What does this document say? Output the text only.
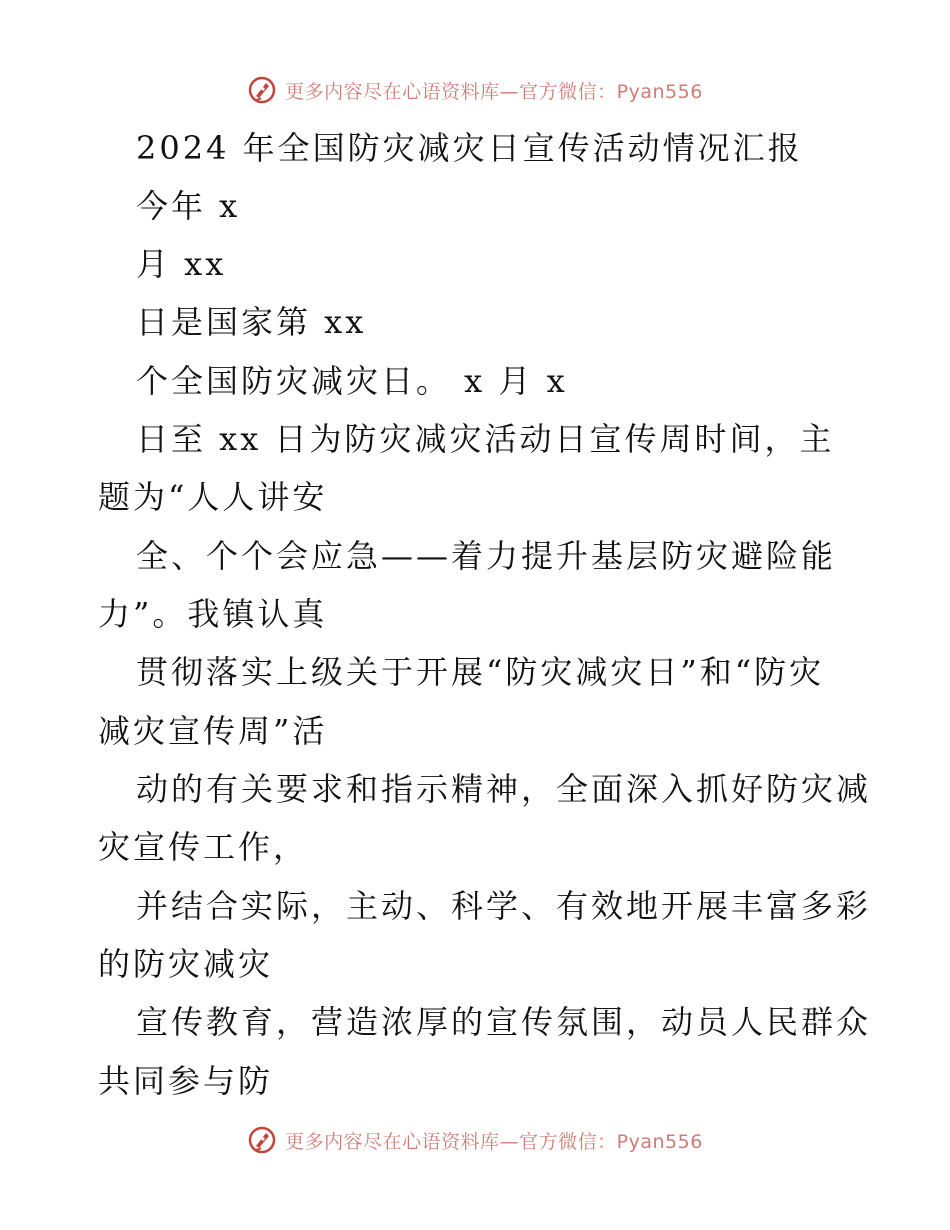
更多内容尽在心语资料库—官方微信：Pyan556
2024 年全国防灾减灾日宣传活动情况汇报
今年 x
月 xx
日是国家第 xx
个全国防灾减灾日。 x 月 x
日至 xx 日为防灾减灾活动日宣传周时间，主
题为“人人讲安
全、个个会应急——着力提升基层防灾避险能
力”。我镇认真
贯彻落实上级关于开展“防灾减灾日”和“防灾
减灾宣传周”活
动的有关要求和指示精神，全面深入抓好防灾减
灾宣传工作，
并结合实际，主动、科学、有效地开展丰富多彩
的防灾减灾
宣传教育，营造浓厚的宣传氛围，动员人民群众
共同参与防
更多内容尽在心语资料库—官方微信：Pyan556
